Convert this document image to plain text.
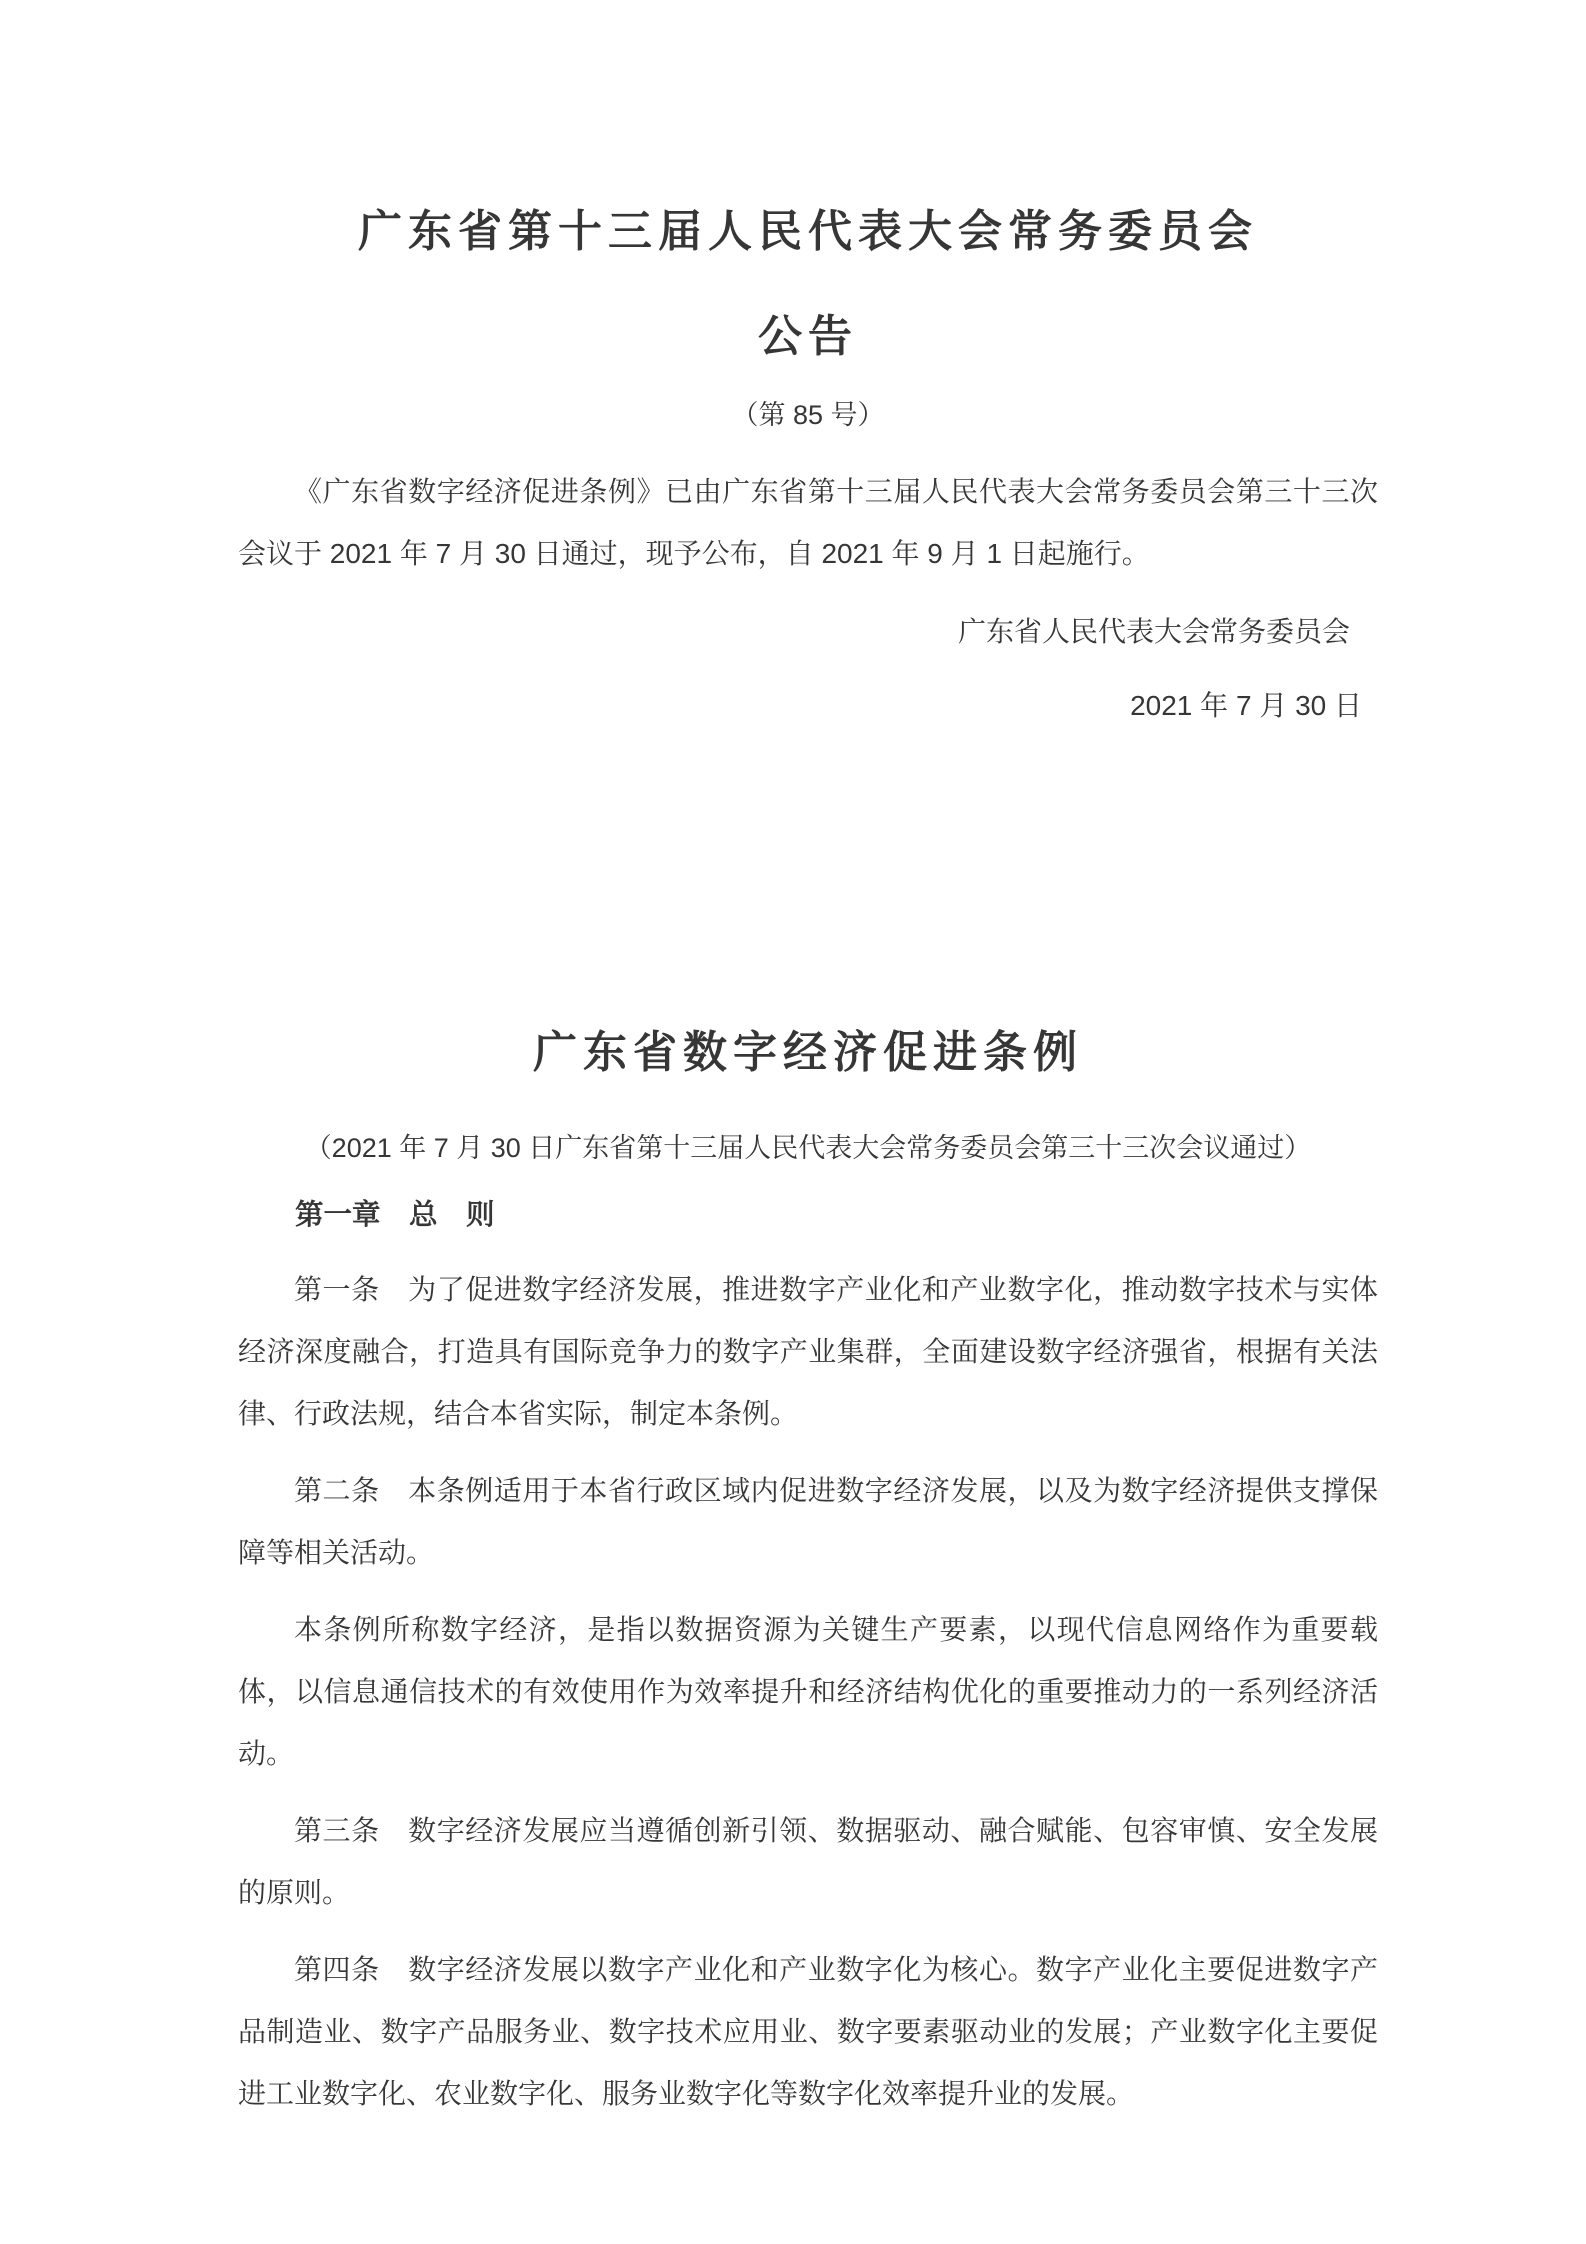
广东省第十三届人民代表大会常务委员会
公告

（第 85 号）

《广东省数字经济促进条例》已由广东省第十三届人民代表大会常务委员会第三十三次会议于 2021 年 7 月 30 日通过，现予公布，自 2021 年 9 月 1 日起施行。

广东省人民代表大会常务委员会

2021 年 7 月 30 日

广东省数字经济促进条例

（2021 年 7 月 30 日广东省第十三届人民代表大会常务委员会第三十三次会议通过）

第一章　总　则

第一条　为了促进数字经济发展，推进数字产业化和产业数字化，推动数字技术与实体经济深度融合，打造具有国际竞争力的数字产业集群，全面建设数字经济强省，根据有关法律、行政法规，结合本省实际，制定本条例。

第二条　本条例适用于本省行政区域内促进数字经济发展，以及为数字经济提供支撑保障等相关活动。

本条例所称数字经济，是指以数据资源为关键生产要素，以现代信息网络作为重要载体，以信息通信技术的有效使用作为效率提升和经济结构优化的重要推动力的一系列经济活动。

第三条　数字经济发展应当遵循创新引领、数据驱动、融合赋能、包容审慎、安全发展的原则。

第四条　数字经济发展以数字产业化和产业数字化为核心。数字产业化主要促进数字产品制造业、数字产品服务业、数字技术应用业、数字要素驱动业的发展；产业数字化主要促进工业数字化、农业数字化、服务业数字化等数字化效率提升业的发展。
